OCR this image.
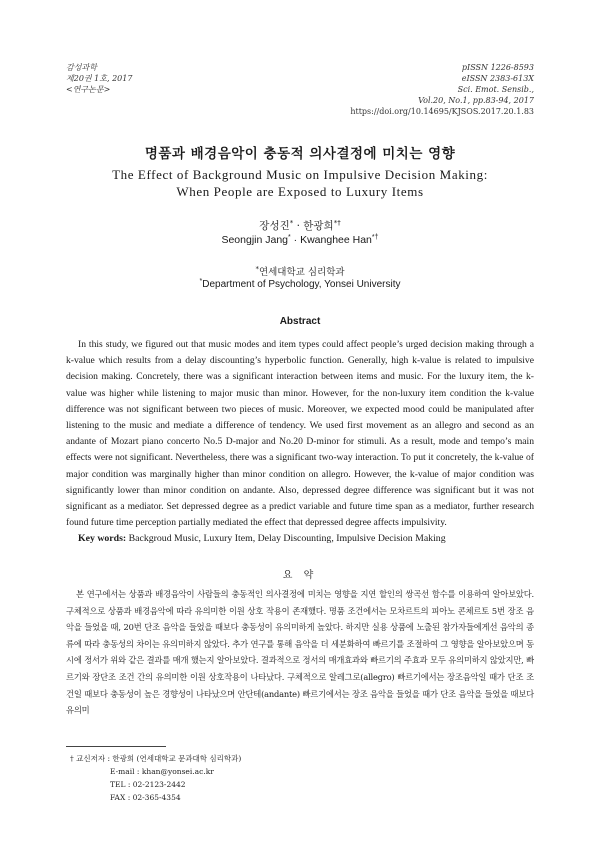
감성과학
제20권 1호, 2017
<연구논문>
pISSN 1226-8593
eISSN 2383-613X
Sci. Emot. Sensib.,
Vol.20, No.1, pp.83-94, 2017
https://doi.org/10.14695/KJSOS.2017.20.1.83
명품과 배경음악이 충동적 의사결정에 미치는 영향
The Effect of Background Music on Impulsive Decision Making:
When People are Exposed to Luxury Items
장성진* · 한광희*†
Seongjin Jang* · Kwanghee Han*†
*연세대학교 심리학과
*Department of Psychology, Yonsei University
Abstract

In this study, we figured out that music modes and item types could affect people’s urged decision making through a k-value which results from a delay discounting’s hyperbolic function. Generally, high k-value is related to impulsive decision making. Concretely, there was a significant interaction between items and music. For the luxury item, the k-value was higher while listening to major music than minor. However, for the non-luxury item condition the k-value difference was not significant between two pieces of music. Moreover, we expected mood could be manipulated after listening to the music and mediate a difference of tendency. We used first movement as an allegro and second as an andante of Mozart piano concerto No.5 D-major and No.20 D-minor for stimuli. As a result, mode and tempo’s main effects were not significant. Nevertheless, there was a significant two-way interaction. To put it concretely, the k-value of major condition was marginally higher than minor condition on allegro. However, the k-value of major condition was significantly lower than minor condition on andante. Also, depressed degree difference was significant but it was not significant as a mediator. Set depressed degree as a predict variable and future time span as a mediator, further research found future time perception partially mediated the effect that depressed degree affects impulsivity.

Key words: Backgroud Music, Luxury Item, Delay Discounting, Impulsive Decision Making

요 약

본 연구에서는 상품과 배경음악이 사람들의 충동적인 의사결정에 미치는 영향을 지연 할인의 쌍곡선 함수를 이용하여 알아보았다. 구체적으로 상품과 배경음악에 따라 유의미한 이원 상호 작용이 존재했다. 명품 조건에서는 모차르트의 피아노 콘체르토 5번 장조 음악을 들었을 때, 20번 단조 음악을 들었을 때보다 충동성이 유의미하게 높았다. 하지만 실용 상품에 노출된 참가자들에게선 음악의 종류에 따라 충동성의 차이는 유의미하지 않았다. 추가 연구를 통해 음악을 더 세분화하여 빠르기를 조절하여 그 영향을 알아보았으며 동시에 정서가 위와 같은 결과를 매개 했는지 알아보았다. 결과적으로 정서의 매개효과와 빠르기의 주효과 모두 유의미하지 않았지만, 빠르기와 장단조 조건 간의 유의미한 이원 상호작용이 나타났다. 구체적으로 알레그로(allegro) 빠르기에서는 장조음악일 때가 단조 조건일 때보다 충동성이 높은 경향성이 나타났으며 안단테(andante) 빠르기에서는 장조 음악을 들었을 때가 단조 음악을 들었을 때보다 유의미

† 교신저자 : 한광희 (연세대학교 문과대학 심리학과)
E-mail : khan@yonsei.ac.kr
TEL : 02-2123-2442
FAX : 02-365-4354
